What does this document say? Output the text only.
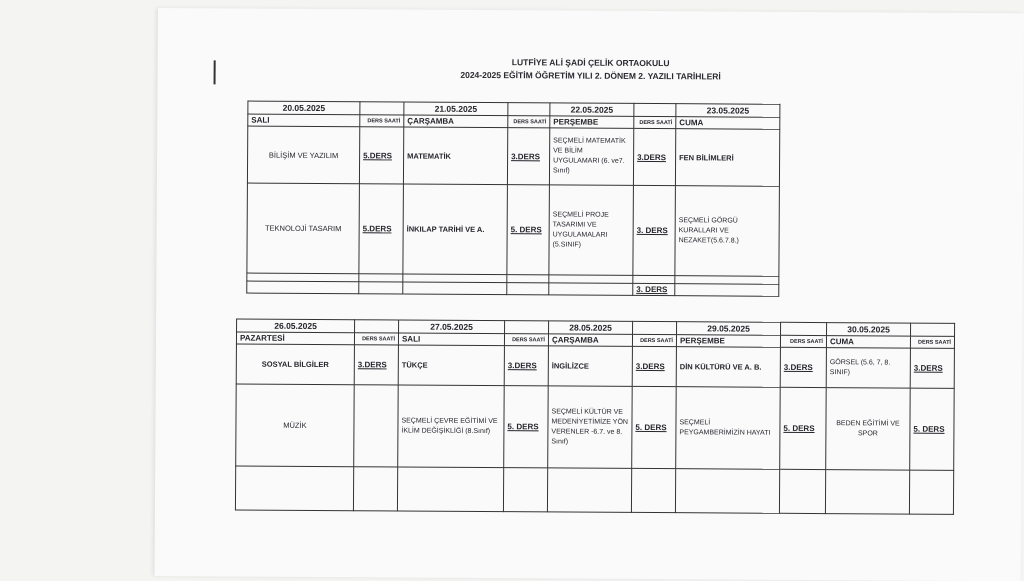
LUTFİYE ALİ ŞADİ ÇELİK ORTAOKULU
2024-2025 EĞİTİM ÖĞRETİM YILI 2. DÖNEM 2. YAZILI TARİHLERİ
20.05.2025		21.05.2025		22.05.2025		23.05.2025
SALI	DERS SAATİ	ÇARŞAMBA	DERS SAATİ	PERŞEMBE	DERS SAATİ	CUMA
BİLİŞİM VE YAZILIM	5.DERS	MATEMATİK	3.DERS	SEÇMELİ MATEMATİK VE BİLİM UYGULAMARI (6. ve7. Sınıf)	3.DERS	FEN BİLİMLERİ
TEKNOLOJİ TASARIM	5.DERS	İNKILAP TARİHİ VE A.	5. DERS	SEÇMELİ PROJE TASARIMI VE UYGULAMALARI (5.SINIF)	3. DERS	SEÇMELİ GÖRGÜ KURALLARI VE NEZAKET(5.6.7.8.)

					3. DERS	
26.05.2025		27.05.2025		28.05.2025		29.05.2025		30.05.2025	
PAZARTESİ	DERS SAATİ	SALI	DERS SAATİ	ÇARŞAMBA	DERS SAATİ	PERŞEMBE	DERS SAATİ	CUMA	DERS SAATİ
SOSYAL BİLGİLER	3.DERS	TÜKÇE	3.DERS	İNGİLİZCE	3.DERS	DİN KÜLTÜRÜ VE A. B.	3.DERS	GÖRSEL (5.6, 7, 8. SINIF)	3.DERS
MÜZİK		SEÇMELİ ÇEVRE EĞİTİMİ VE İKLİM DEĞİŞİKLİĞİ (8.Sınıf)	5. DERS	SEÇMELİ KÜLTÜR VE MEDENİYETİMİZE YÖN VERENLER -6.7. ve 8. Sınıf)	5. DERS	SEÇMELİ PEYGAMBERİMİZİN HAYATI	5. DERS	BEDEN EĞİTİMİ VE SPOR	5. DERS
